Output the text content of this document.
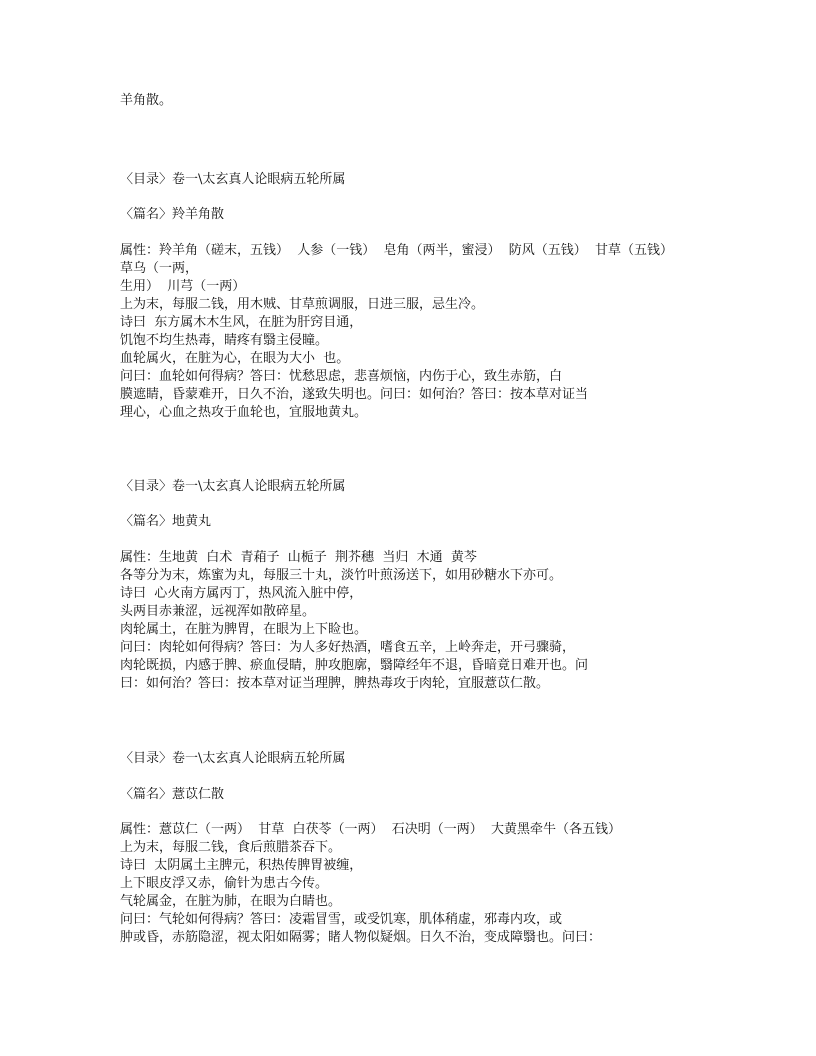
羊角散。

〈目录〉卷一\太玄真人论眼病五轮所属

〈篇名〉羚羊角散

属性：羚羊角（磋末，五钱）  人参（一钱）  皂角（两半，蜜浸）  防风（五钱）  甘草（五钱）

草乌（一两，

生用）  川芎（一两）

上为末，每服二钱，用木贼、甘草煎调服，日进三服，忌生冷。

诗曰  东方属木木生风，在脏为肝窍目通，

饥饱不均生热毒，睛疼有翳主侵瞳。

血轮属火，在脏为心，在眼为大小  也。

问曰：血轮如何得病？答曰：忧愁思虑，悲喜烦恼，内伤于心，致生赤筋，白

膜遮睛，昏蒙难开，日久不治，遂致失明也。问曰：如何治？答曰：按本草对证当

理心，心血之热攻于血轮也，宜服地黄丸。

〈目录〉卷一\太玄真人论眼病五轮所属

〈篇名〉地黄丸

属性：生地黄  白术  青葙子  山栀子  荆芥穗  当归  木通  黄芩

各等分为末，炼蜜为丸，每服三十丸，淡竹叶煎汤送下，如用砂糖水下亦可。

诗曰  心火南方属丙丁，热风流入脏中停，

头两目赤兼涩，远视浑如散碎星。

肉轮属土，在脏为脾胃，在眼为上下睑也。

问曰：肉轮如何得病？答曰：为人多好热酒，嗜食五辛，上岭奔走，开弓骤骑，

肉轮既损，内感于脾、瘀血侵睛，肿攻胞廓，翳障经年不退，昏暗竟日难开也。问

曰：如何治？答曰：按本草对证当理脾，脾热毒攻于肉轮，宜服薏苡仁散。

〈目录〉卷一\太玄真人论眼病五轮所属

〈篇名〉薏苡仁散

属性：薏苡仁（一两）  甘草  白茯苓（一两）  石决明（一两）  大黄黑牵牛（各五钱）

上为末，每服二钱，食后煎腊茶吞下。

诗曰  太阴属土主脾元，积热传脾胃被缠，

上下眼皮浮又赤，偷针为患古今传。

气轮属金，在脏为肺，在眼为白睛也。

问曰：气轮如何得病？答曰：凌霜冒雪，或受饥寒，肌体稍虚，邪毒内攻，或

肿或昏，赤筋隐涩，视太阳如隔雾；睹人物似疑烟。日久不治，变成障翳也。问曰：
